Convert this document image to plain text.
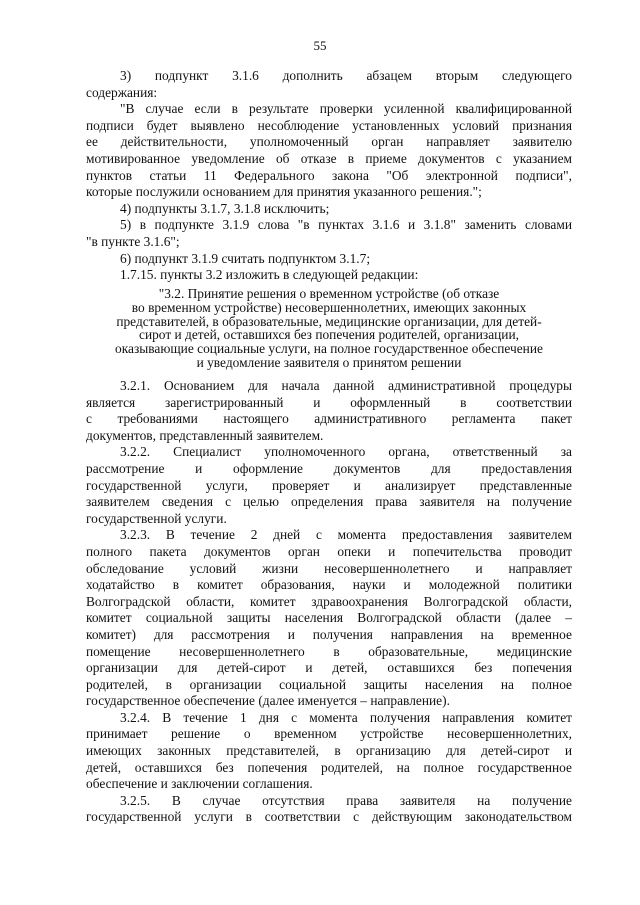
55

3) подпункт 3.1.6 дополнить абзацем вторым следующего

содержания:

"В случае если в результате проверки усиленной квалифицированной

подписи будет выявлено несоблюдение установленных условий признания

ее действительности, уполномоченный орган направляет заявителю

мотивированное уведомление об отказе в приеме документов с указанием

пунктов статьи 11 Федерального закона "Об электронной подписи",

которые послужили основанием для принятия указанного решения.";

4) подпункты 3.1.7, 3.1.8 исключить;

5) в подпункте 3.1.9 слова "в пунктах 3.1.6 и 3.1.8" заменить словами

"в пункте 3.1.6";

6) подпункт 3.1.9 считать подпунктом 3.1.7;

1.7.15. пункты 3.2 изложить в следующей редакции:

"3.2. Принятие решения о временном устройстве (об отказе

во временном устройстве) несовершеннолетних, имеющих законных

представителей, в образовательные, медицинские организации, для детей-

сирот и детей, оставшихся без попечения родителей, организации,

оказывающие социальные услуги, на полное государственное обеспечение

и уведомление заявителя о принятом решении

3.2.1. Основанием для начала данной административной процедуры

является зарегистрированный и оформленный в соответствии

с требованиями настоящего административного регламента пакет

документов, представленный заявителем.

3.2.2. Специалист уполномоченного органа, ответственный за

рассмотрение и оформление документов для предоставления

государственной услуги, проверяет и анализирует представленные

заявителем сведения с целью определения права заявителя на получение

государственной услуги.

3.2.3. В течение 2 дней с момента предоставления заявителем

полного пакета документов орган опеки и попечительства проводит

обследование условий жизни несовершеннолетнего и направляет

ходатайство в комитет образования, науки и молодежной политики

Волгоградской области, комитет здравоохранения Волгоградской области,

комитет социальной защиты населения Волгоградской области (далее –

комитет) для рассмотрения и получения направления на временное

помещение несовершеннолетнего в образовательные, медицинские

организации для детей-сирот и детей, оставшихся без попечения

родителей, в организации социальной защиты населения на полное

государственное обеспечение (далее именуется – направление).

3.2.4. В течение 1 дня с момента получения направления комитет

принимает решение о временном устройстве несовершеннолетних,

имеющих законных представителей, в организацию для детей-сирот и

детей, оставшихся без попечения родителей, на полное государственное

обеспечение и заключении соглашения.

3.2.5. В случае отсутствия права заявителя на получение

государственной услуги в соответствии с действующим законодательством
